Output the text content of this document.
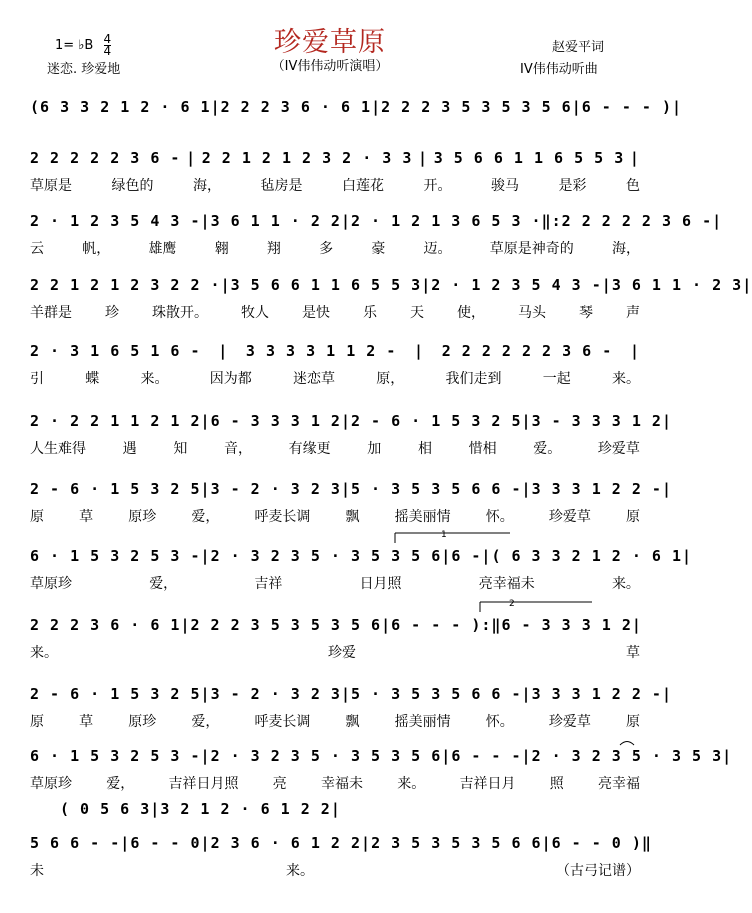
珍爱草原
（IV伟伟动听演唱）
1= ♭B $\frac{4}{4}$
迷恋. 珍爱地
赵爱平词
IV伟伟动听曲
1
2
( 6 3 3 2 1 2 · 6 1 | 2 2 2 3 6 · 6 1 | 2 2 2 3 5 3 5 3 5 6 | 6 - - - ) |
2 2 2 2 2 3 6 - | 2 2 1 2 1 2 3 2 · 3 3 | 3 5 6 6 1 1 6 5 5 3 |
草原是	绿色的	海，	毡房是	白莲花	开。	骏马	是彩	色
2 · 1 2 3 5 4 3 - | 3 6 1 1 · 2 2 | 2 · 1 2 1 3 6 5 3 · ‖: 2 2 2 2 2 3 6 - |
云	帆，	雄鹰	翱	翔	多	豪	迈。	草原是神奇的	海，
2 2 1 2 1 2 3 2 2 · | 3 5 6 6 1 1 6 5 5 3 | 2 · 1 2 3 5 4 3 - | 3 6 1 1 · 2 3 |
羊群是 珍 珠散开。 牧人 是快 乐 天 使， 马头 琴 声
2 · 3 1 6 5 1 6 - | 3 3 3 3 1 1 2 - | 2 2 2 2 2 2 3 6 - |
引	蝶	来。	因为都	迷恋草	原，	我们走到	一起	来。
2 · 2 2 1 1 2 1 2 | 6 - 3 3 3 1 2 | 2 - 6 · 1 5 3 2 5 | 3 - 3 3 3 1 2 |
人生难得	遇	知	音，	有缘更	加	相	惜相	爱。	珍爱草
2 - 6 · 1 5 3 2 5 | 3 - 2 · 3 2 3 | 5 · 3 5 3 5 6 6 - | 3 3 3 1 2 2 - |
原	草	原珍	爱，	呼麦长调	飘	摇美丽情	怀。	珍爱草	原
6 · 1 5 3 2 5 3 - | 2 · 3 2 3 5 · 3 5 3 5 6 | 6 - | ( 6 3 3 2 1 2 · 6 1 |
草原珍	爱，	吉祥	日月照	亮幸福未	来。
2 2 2 3 6 · 6 1 | 2 2 2 3 5 3 5 3 5 6 | 6 - - - ) :‖ 6 - 3 3 3 1 2 |
来。	珍爱	草
2 - 6 · 1 5 3 2 5 | 3 - 2 · 3 2 3 | 5 · 3 5 3 5 6 6 - | 3 3 3 1 2 2 - |
原	草	原珍	爱，	呼麦长调	飘	摇美丽情	怀。	珍爱草	原
6 · 1 5 3 2 5 3 - | 2 · 3 2 3 5 · 3 5 3 5 6 | 6 - - - | 2 · 3 2 3 5 · 3 5 3 |
草原珍 爱， 吉祥日月照 亮 幸福未 来。 吉祥日月 照 亮幸福
( 0 5 6 3 | 3 2 1 2 · 6 1 2 2 |
5 6 6 - - | 6 - - 0 | 2 3 6 · 6 1 2 2 | 2 3 5 3 5 3 5 6 6 | 6 - - 0 ) ‖
未	来。	（古弓记谱）
